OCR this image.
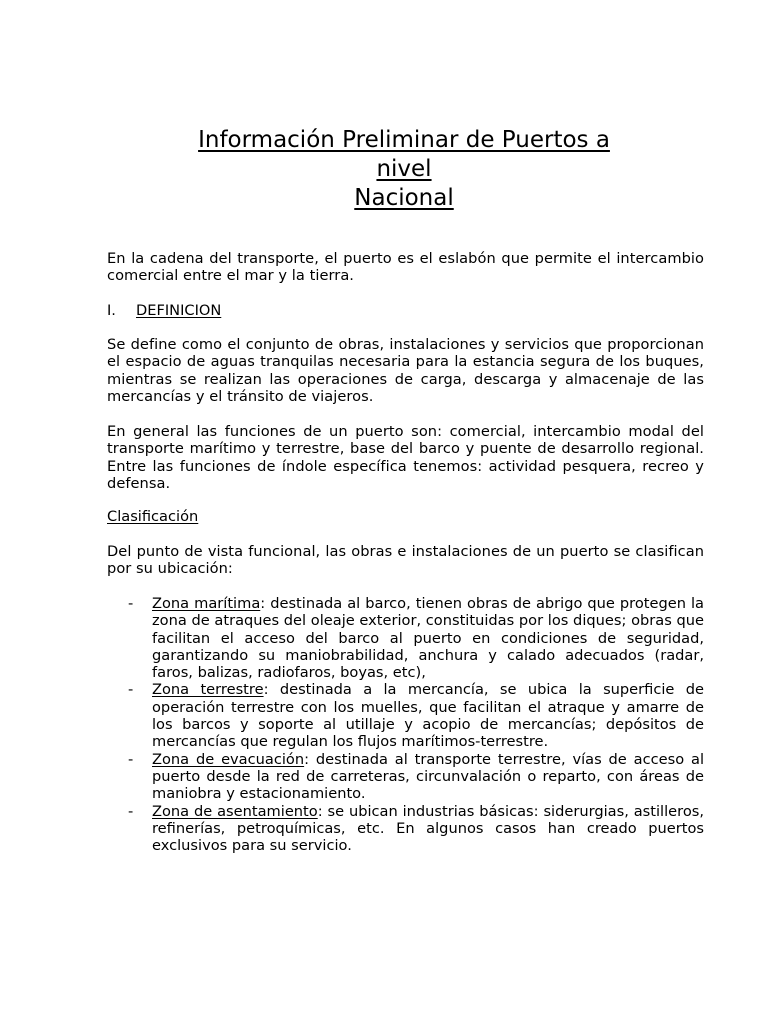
Información Preliminar de Puertos a
nivel
Nacional

En la cadena del transporte, el puerto es el eslabón que permite el intercambio comercial entre el mar y la tierra.

I. DEFINICION

Se define como el conjunto de obras, instalaciones y servicios que proporcionan el espacio de aguas tranquilas necesaria para la estancia segura de los buques, mientras se realizan las operaciones de carga, descarga y almacenaje de las mercancías y el tránsito de viajeros.

En general las funciones de un puerto son: comercial, intercambio modal del transporte marítimo y terrestre, base del barco y puente de desarrollo regional. Entre las funciones de índole específica tenemos: actividad pesquera, recreo y defensa.

Clasificación

Del punto de vista funcional, las obras e instalaciones de un puerto se clasifican por su ubicación:

- Zona marítima: destinada al barco, tienen obras de abrigo que protegen la zona de atraques del oleaje exterior, constituidas por los diques; obras que facilitan el acceso del barco al puerto en condiciones de seguridad, garantizando su maniobrabilidad, anchura y calado adecuados (radar, faros, balizas, radiofaros, boyas, etc),
- Zona terrestre: destinada a la mercancía, se ubica la superficie de operación terrestre con los muelles, que facilitan el atraque y amarre de los barcos y soporte al utillaje y acopio de mercancías; depósitos de mercancías que regulan los flujos marítimos-terrestre.
- Zona de evacuación: destinada al transporte terrestre, vías de acceso al puerto desde la red de carreteras, circunvalación o reparto, con áreas de maniobra y estacionamiento.
- Zona de asentamiento: se ubican industrias básicas: siderurgias, astilleros, refinerías, petroquímicas, etc. En algunos casos han creado puertos exclusivos para su servicio.
